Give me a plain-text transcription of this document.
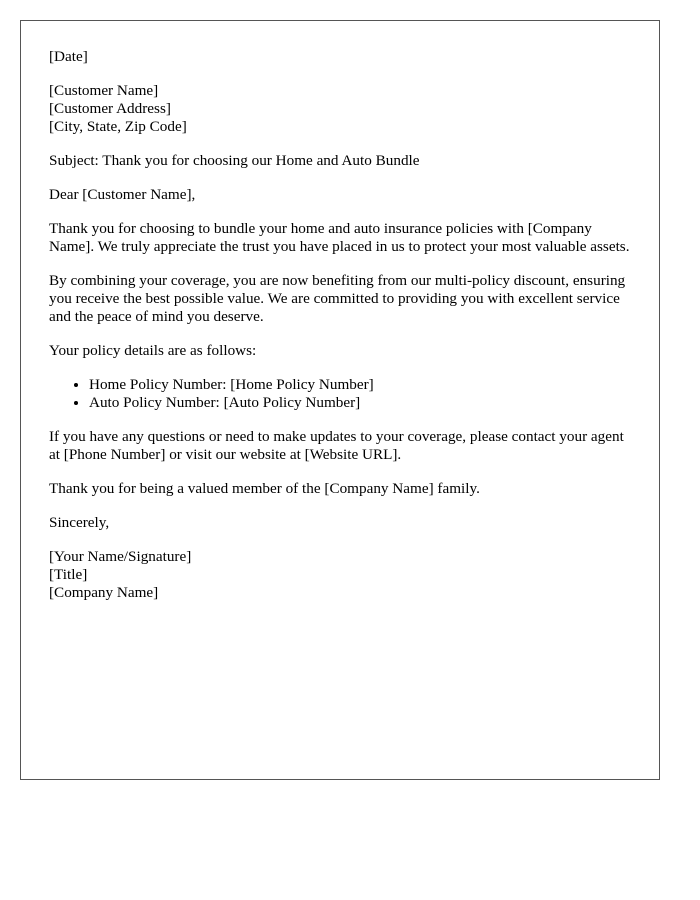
[Date]

[Customer Name]
[Customer Address]
[City, State, Zip Code]

Subject: Thank you for choosing our Home and Auto Bundle

Dear [Customer Name],

Thank you for choosing to bundle your home and auto insurance policies with [Company Name]. We truly appreciate the trust you have placed in us to protect your most valuable assets.

By combining your coverage, you are now benefiting from our multi-policy discount, ensuring you receive the best possible value. We are committed to providing you with excellent service and the peace of mind you deserve.

Your policy details are as follows:

• Home Policy Number: [Home Policy Number]
• Auto Policy Number: [Auto Policy Number]

If you have any questions or need to make updates to your coverage, please contact your agent at [Phone Number] or visit our website at [Website URL].

Thank you for being a valued member of the [Company Name] family.

Sincerely,

[Your Name/Signature]
[Title]
[Company Name]
